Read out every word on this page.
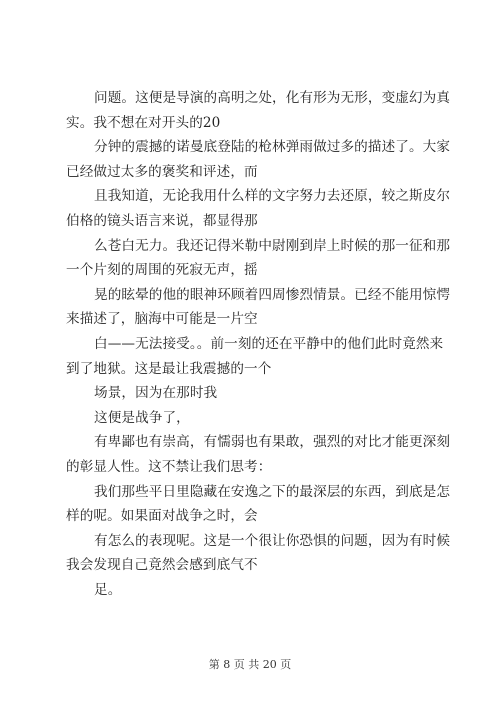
问题。这便是导演的高明之处，化有形为无形，变虚幻为真
实。我不想在对开头的20
分钟的震撼的诺曼底登陆的枪林弹雨做过多的描述了。大家
已经做过太多的褒奖和评述，而
且我知道，无论我用什么样的文字努力去还原，较之斯皮尔
伯格的镜头语言来说，都显得那
么苍白无力。我还记得米勒中尉刚到岸上时候的那一征和那
一个片刻的周围的死寂无声，摇
晃的眩晕的他的眼神环顾着四周惨烈情景。已经不能用惊愕
来描述了，脑海中可能是一片空
白——无法接受。。前一刻的还在平静中的他们此时竟然来
到了地狱。这是最让我震撼的一个
场景，因为在那时我
这便是战争了，
有卑鄙也有崇高，有懦弱也有果敢，强烈的对比才能更深刻
的彰显人性。这不禁让我们思考：
我们那些平日里隐藏在安逸之下的最深层的东西，到底是怎
样的呢。如果面对战争之时，会
有怎么的表现呢。这是一个很让你恐惧的问题，因为有时候
我会发现自己竟然会感到底气不
足。
第 8 页 共 20 页
